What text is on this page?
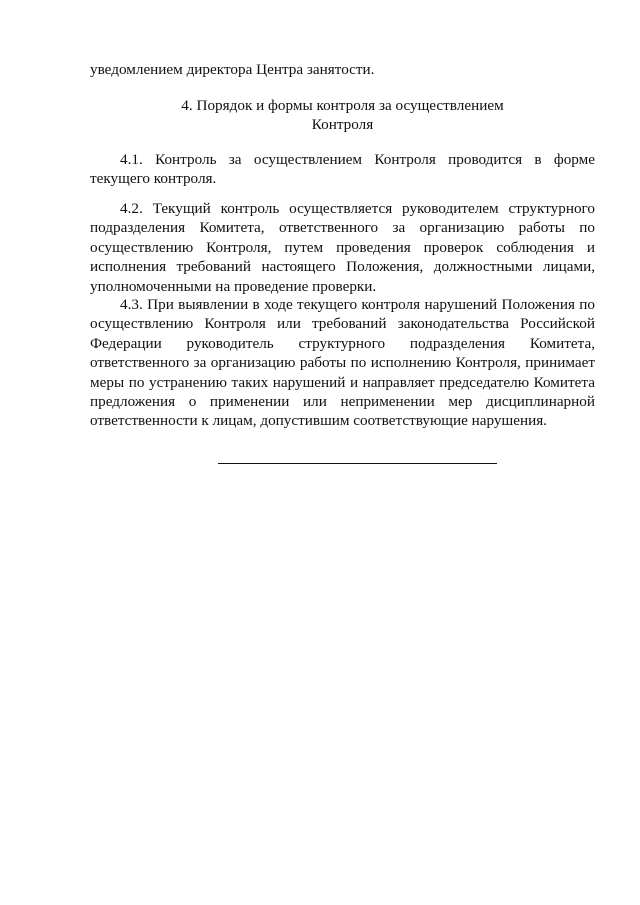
уведомлением директора Центра занятости.
4. Порядок и формы контроля за осуществлением
Контроля
4.1. Контроль за осуществлением Контроля проводится в форме текущего контроля.
4.2. Текущий контроль осуществляется руководителем структурного подразделения Комитета, ответственного за организацию работы по осуществлению Контроля, путем проведения проверок соблюдения и исполнения требований настоящего Положения, должностными лицами, уполномоченными на проведение проверки.
4.3. При выявлении в ходе текущего контроля нарушений Положения по осуществлению Контроля или требований законодательства Российской Федерации руководитель структурного подразделения Комитета, ответственного за организацию работы по исполнению Контроля, принимает меры по устранению таких нарушений и направляет председателю Комитета предложения о применении или неприменении мер дисциплинарной ответственности к лицам, допустившим соответствующие нарушения.
